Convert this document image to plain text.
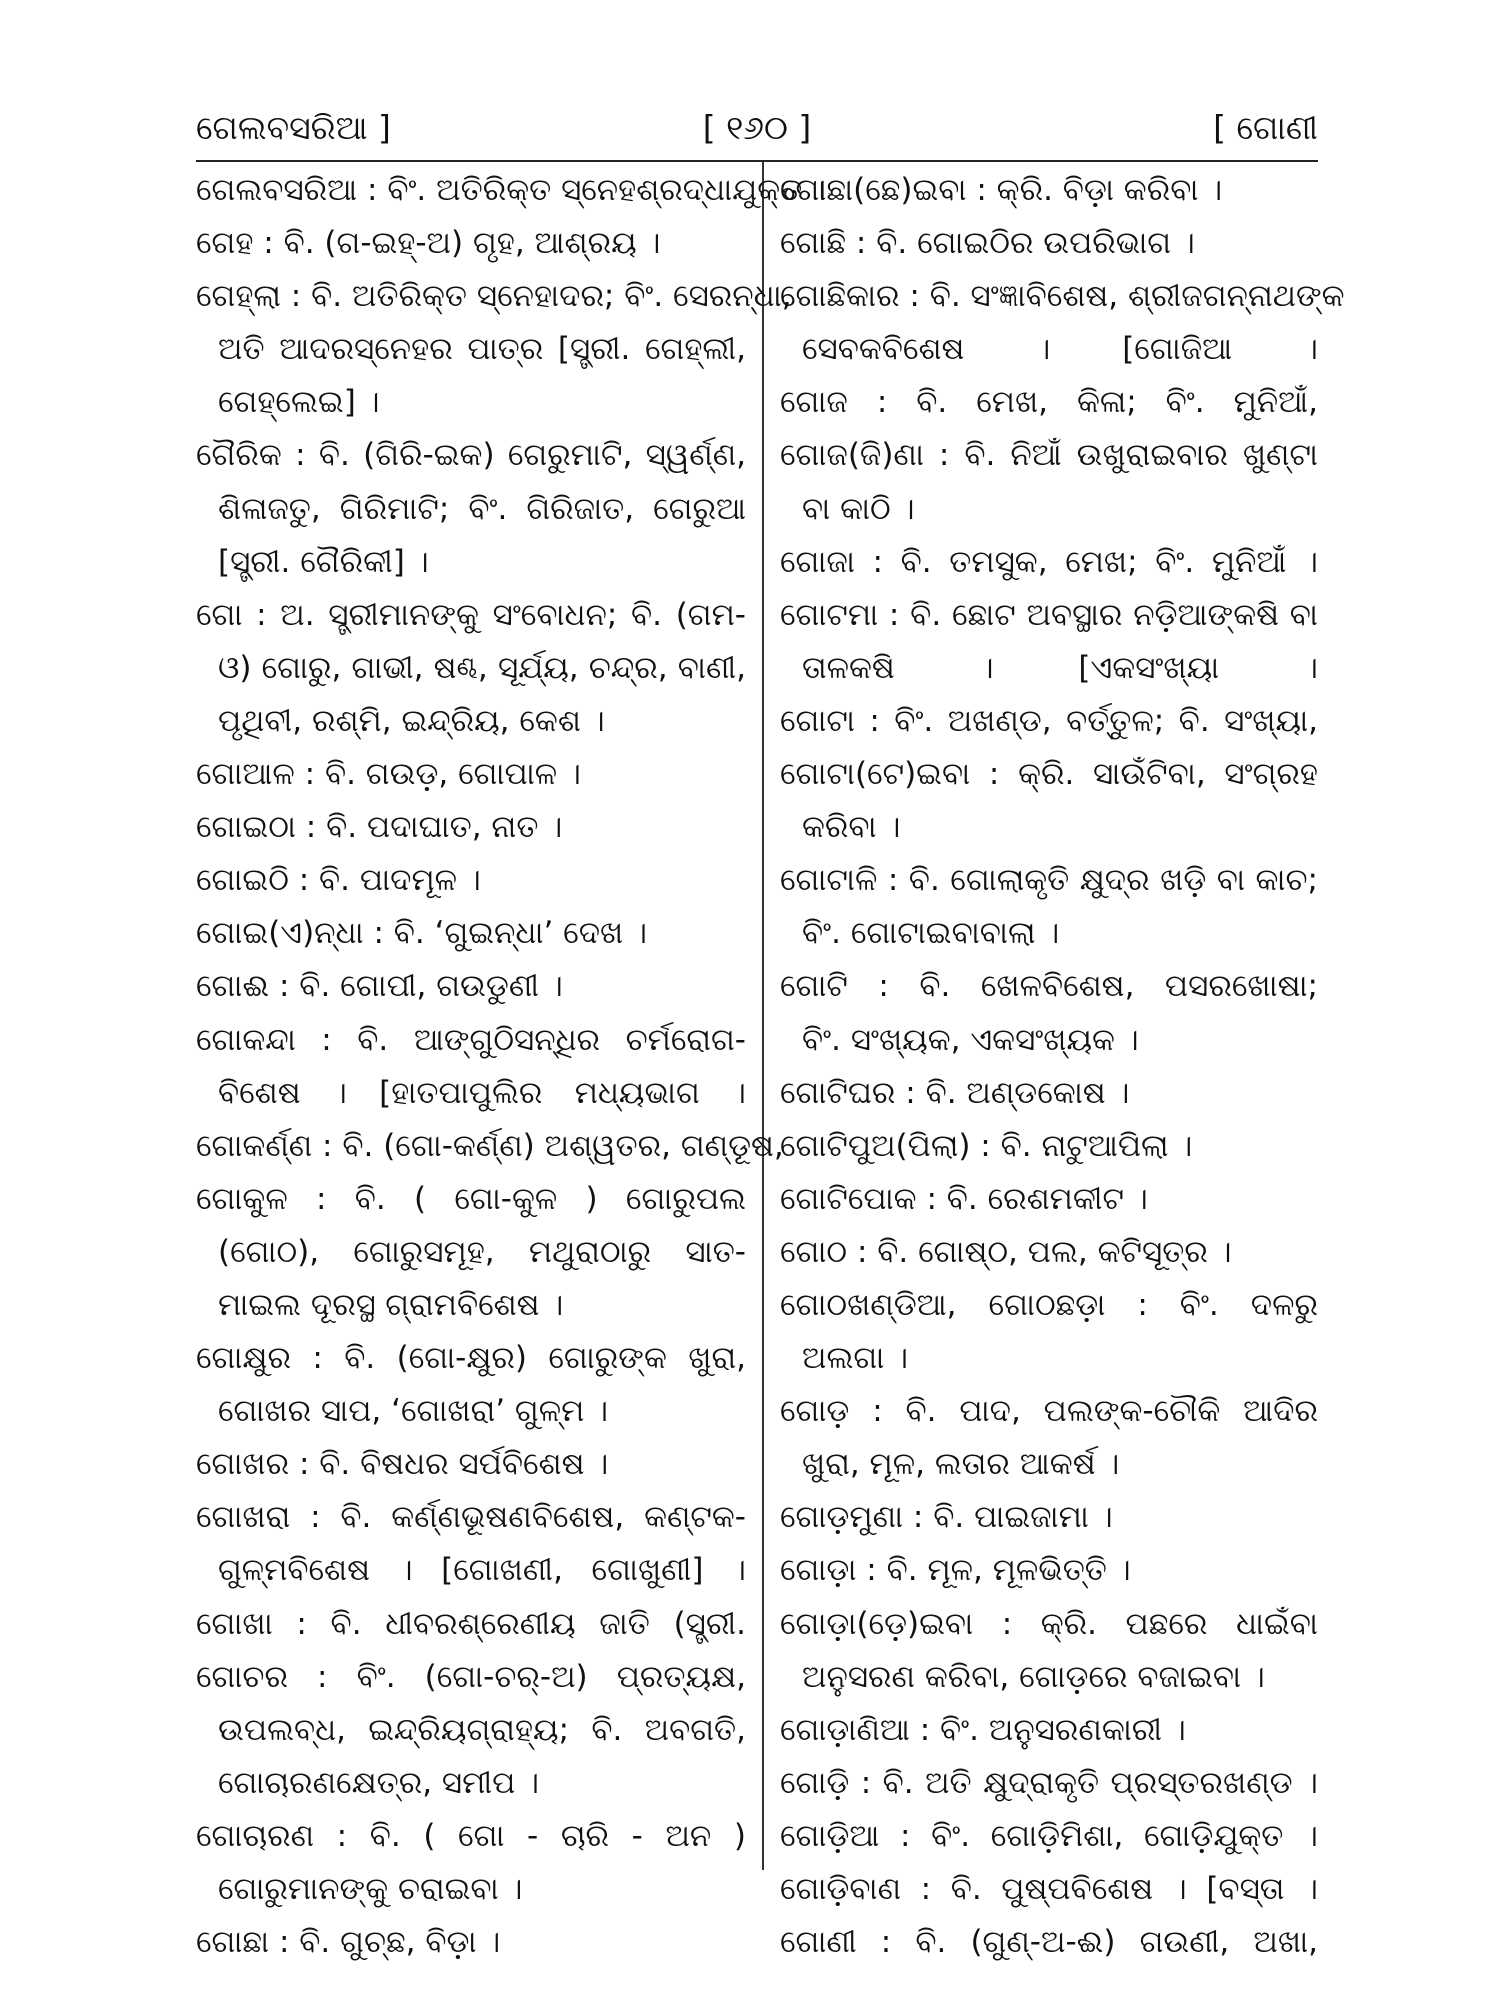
ଗେଲବସରିଆ ]	[ ୧୬୦ ]	[ ଗୋଣୀ
ଗେଲବସରିଆ : ବିଂ. ଅତିରିକ୍ତ ସ୍ନେହଶ୍ରଦ୍ଧାଯୁକ୍ତ ।
ଗେହ : ବି. (ଗ-ଇହ୍-ଅ) ଗୃହ, ଆଶ୍ରୟ ।
ଗେହ୍ଲା : ବି. ଅତିରିକ୍ତ ସ୍ନେହାଦର; ବିଂ. ସେରନ୍ଧା,
ଅତି ଆଦରସ୍ନେହର ପାତ୍ର [ସ୍ତ୍ରୀ. ଗେହ୍ଲୀ,
ଗେହ୍ଲେଇ] ।
ଗୈରିକ : ବି. (ଗିରି-ଇକ) ଗେରୁମାଟି, ସ୍ୱର୍ଣ୍ଣ,
ଶିଳାଜତୁ, ଗିରିମାଟି; ବିଂ. ଗିରିଜାତ, ଗେରୁଆ
[ସ୍ତ୍ରୀ. ଗୈରିକୀ] ।
ଗୋ : ଅ. ସ୍ତ୍ରୀମାନଙ୍କୁ ସଂବୋଧନ; ବି. (ଗମ-
ଓ) ଗୋରୁ, ଗାଭୀ, ଷଣ୍ଢ, ସୂର୍ଯ୍ୟ, ଚନ୍ଦ୍ର, ବାଣୀ,
ପୃଥିବୀ, ରଶ୍ମି, ଇନ୍ଦ୍ରିୟ, କେଶ ।
ଗୋଆଳ : ବି. ଗଉଡ଼, ଗୋପାଳ ।
ଗୋଇଠା : ବି. ପଦାଘାତ, ନାତ ।
ଗୋଇଠି : ବି. ପାଦମୂଳ ।
ଗୋଇ(ଏ)ନ୍ଧା : ବି. ‘ଗୁଇନ୍ଧା’ ଦେଖ ।
ଗୋଈ : ବି. ଗୋପୀ, ଗଉଡୁଣୀ ।
ଗୋକନ୍ଦା : ବି. ଆଙ୍ଗୁଠିସନ୍ଧିର ଚର୍ମରୋଗ-
ବିଶେଷ । [ହାତପାପୁଲିର ମଧ୍ୟଭାଗ ।
ଗୋକର୍ଣ୍ଣ : ବି. (ଗୋ-କର୍ଣ୍ଣ) ଅଶ୍ୱତର, ଗଣ୍ଡୂଷ,
ଗୋକୁଳ : ବି. ( ଗୋ-କୁଳ ) ଗୋରୁପଲ
(ଗୋଠ), ଗୋରୁସମୂହ, ମଥୁରାଠାରୁ ସାତ-
ମାଇଲ ଦୂରସ୍ଥ ଗ୍ରାମବିଶେଷ ।
ଗୋକ୍ଷୁର : ବି. (ଗୋ-କ୍ଷୁର) ଗୋରୁଙ୍କ ଖୁରା,
ଗୋଖର ସାପ, ‘ଗୋଖରା’ ଗୁଳ୍ମ ।
ଗୋଖର : ବି. ବିଷଧର ସର୍ପବିଶେଷ ।
ଗୋଖରା : ବି. କର୍ଣ୍ଣଭୂଷଣବିଶେଷ, କଣ୍ଟକ-
ଗୁଳ୍ମବିଶେଷ । [ଗୋଖଣୀ, ଗୋଖୁଣୀ] ।
ଗୋଖା : ବି. ଧୀବରଶ୍ରେଣୀୟ ଜାତି (ସ୍ତ୍ରୀ.
ଗୋଚର : ବିଂ. (ଗୋ-ଚର୍-ଅ) ପ୍ରତ୍ୟକ୍ଷ,
ଉପଲବ୍ଧ, ଇନ୍ଦ୍ରିୟଗ୍ରାହ୍ୟ; ବି. ଅବଗତି,
ଗୋଚାରଣକ୍ଷେତ୍ର, ସମୀପ ।
ଗୋଚାରଣ : ବି. ( ଗୋ - ଚାରି - ଅନ )
ଗୋରୁମାନଙ୍କୁ ଚରାଇବା ।
ଗୋଛା : ବି. ଗୁଚ୍ଛ, ବିଡ଼ା ।
ଗୋଛା(ଛେ)ଇବା : କ୍ରି. ବିଡ଼ା କରିବା ।
ଗୋଛି : ବି. ଗୋଇଠିର ଉପରିଭାଗ ।
ଗୋଛିକାର : ବି. ସଂଜ୍ଞାବିଶେଷ, ଶ୍ରୀଜଗନ୍ନାଥଙ୍କ
ସେବକବିଶେଷ । [ଗୋଜିଆ ।
ଗୋଜ : ବି. ମେଖ, କିଳା; ବିଂ. ମୁନିଆଁ,
ଗୋଜ(ଜି)ଣା : ବି. ନିଆଁ ଉଖୁରାଇବାର ଖୁଣ୍ଟା
ବା କାଠି ।
ଗୋଜା : ବି. ତମସୁକ, ମେଖ; ବିଂ. ମୁନିଆଁ ।
ଗୋଟମା : ବି. ଛୋଟ ଅବସ୍ଥାର ନଡ଼ିଆଙ୍କଷି ବା
ତାଳକଷି । [ଏକସଂଖ୍ୟା ।
ଗୋଟା : ବିଂ. ଅଖଣ୍ଡ, ବର୍ତ୍ତୁଳ; ବି. ସଂଖ୍ୟା,
ଗୋଟା(ଟେ)ଇବା : କ୍ରି. ସାଉଁଟିବା, ସଂଗ୍ରହ
କରିବା ।
ଗୋଟାଳି : ବି. ଗୋଲାକୃତି କ୍ଷୁଦ୍ର ଖଡ଼ି ବା କାଚ;
ବିଂ. ଗୋଟାଇବାବାଲା ।
ଗୋଟି : ବି. ଖେଳବିଶେଷ, ପସରଖୋଷା;
ବିଂ. ସଂଖ୍ୟକ, ଏକସଂଖ୍ୟକ ।
ଗୋଟିଘର : ବି. ଅଣ୍ଡକୋଷ ।
ଗୋଟିପୁଅ(ପିଲା) : ବି. ନାଟୁଆପିଲା ।
ଗୋଟିପୋକ : ବି. ରେଶମକୀଟ ।
ଗୋଠ : ବି. ଗୋଷ୍ଠ, ପଲ, କଟିସୂତ୍ର ।
ଗୋଠଖଣ୍ଡିଆ, ଗୋଠଛଡ଼ା : ବିଂ. ଦଳରୁ
ଅଲଗା ।
ଗୋଡ଼ : ବି. ପାଦ, ପଲଙ୍କ-ଚୌକି ଆଦିର
ଖୁରା, ମୂଳ, ଲତାର ଆକର୍ଷ ।
ଗୋଡ଼ମୁଣା : ବି. ପାଇଜାମା ।
ଗୋଡ଼ା : ବି. ମୂଳ, ମୂଳଭିତ୍ତି ।
ଗୋଡ଼ା(ଡ଼େ)ଇବା : କ୍ରି. ପଛରେ ଧାଇଁବା
ଅନୁସରଣ କରିବା, ଗୋଡ଼ରେ ବଜାଇବା ।
ଗୋଡ଼ାଣିଆ : ବିଂ. ଅନୁସରଣକାରୀ ।
ଗୋଡ଼ି : ବି. ଅତି କ୍ଷୁଦ୍ରାକୃତି ପ୍ରସ୍ତରଖଣ୍ଡ ।
ଗୋଡ଼ିଆ : ବିଂ. ଗୋଡ଼ିମିଶା, ଗୋଡ଼ିଯୁକ୍ତ ।
ଗୋଡ଼ିବାଣ : ବି. ପୁଷ୍ପବିଶେଷ । [ବସ୍ତା ।
ଗୋଣୀ : ବି. (ଗୁଣ୍-ଅ-ଈ) ଗଉଣୀ, ଅଖା,
